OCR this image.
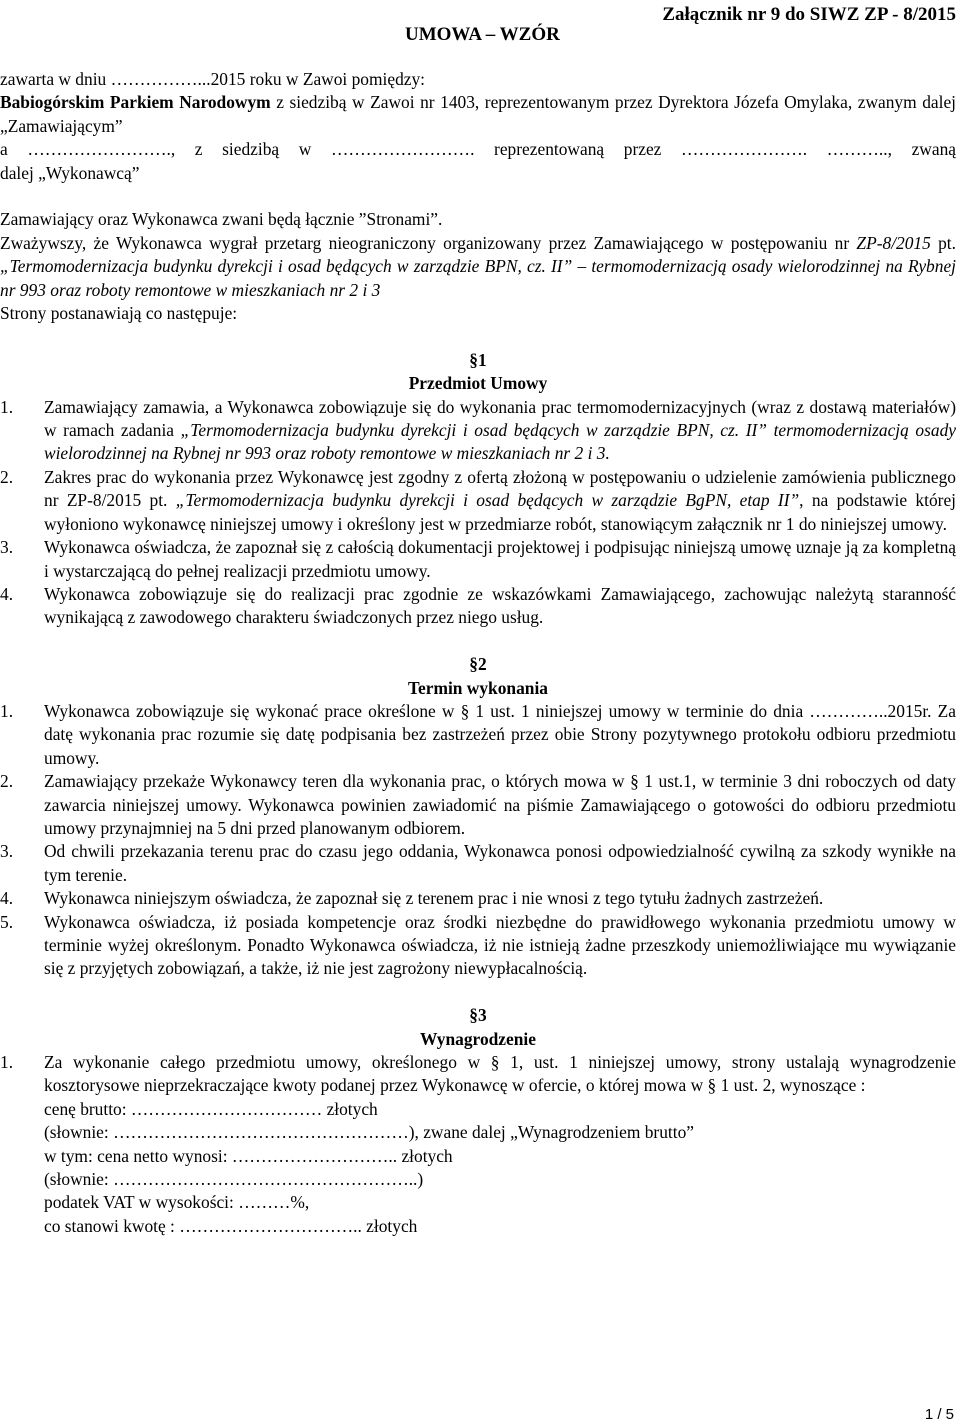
UMOWA – WZÓR
Załącznik nr 9 do SIWZ ZP - 8/2015

zawarta w dniu ……………...2015 roku w Zawoi pomiędzy:

Babiogórskim Parkiem Narodowym z siedzibą w Zawoi nr 1403, reprezentowanym przez Dyrektora Józefa Omylaka, zwanym dalej „Zamawiającym”

a ……………………., z siedzibą w ……………………. reprezentowaną przez …………………. ……….., zwaną

dalej „Wykonawcą”

Zamawiający oraz Wykonawca zwani będą łącznie ”Stronami”.

Zważywszy, że Wykonawca wygrał przetarg nieograniczony organizowany przez Zamawiającego w postępowaniu nr ZP-8/2015 pt. „Termomodernizacja budynku dyrekcji i osad będących w zarządzie BPN, cz. II” – termomodernizacją osady wielorodzinnej na Rybnej nr 993 oraz roboty remontowe w mieszkaniach nr 2 i 3

Strony postanawiają co następuje:

§1

Przedmiot Umowy

1. Zamawiający zamawia, a Wykonawca zobowiązuje się do wykonania prac termomodernizacyjnych (wraz z dostawą materiałów) w ramach zadania „Termomodernizacja budynku dyrekcji i osad będących w zarządzie BPN, cz. II” termomodernizacją osady wielorodzinnej na Rybnej nr 993 oraz roboty remontowe w mieszkaniach nr 2 i 3.
2. Zakres prac do wykonania przez Wykonawcę jest zgodny z ofertą złożoną w postępowaniu o udzielenie zamówienia publicznego nr ZP-8/2015 pt. „Termomodernizacja budynku dyrekcji i osad będących w zarządzie BgPN, etap II”, na podstawie której wyłoniono wykonawcę niniejszej umowy i określony jest w przedmiarze robót, stanowiącym załącznik nr 1 do niniejszej umowy.
3. Wykonawca oświadcza, że zapoznał się z całością dokumentacji projektowej i podpisując niniejszą umowę uznaje ją za kompletną i wystarczającą do pełnej realizacji przedmiotu umowy.
4. Wykonawca zobowiązuje się do realizacji prac zgodnie ze wskazówkami Zamawiającego, zachowując należytą staranność wynikającą z zawodowego charakteru świadczonych przez niego usług.

§2

Termin wykonania

1. Wykonawca zobowiązuje się wykonać prace określone w § 1 ust. 1 niniejszej umowy w terminie do dnia …………..2015r. Za datę wykonania prac rozumie się datę podpisania bez zastrzeżeń przez obie Strony pozytywnego protokołu odbioru przedmiotu umowy.
2. Zamawiający przekaże Wykonawcy teren dla wykonania prac, o których mowa w § 1 ust.1, w terminie 3 dni roboczych od daty zawarcia niniejszej umowy. Wykonawca powinien zawiadomić na piśmie Zamawiającego o gotowości do odbioru przedmiotu umowy przynajmniej na 5 dni przed planowanym odbiorem.
3. Od chwili przekazania terenu prac do czasu jego oddania, Wykonawca ponosi odpowiedzialność cywilną za szkody wynikłe na tym terenie.
4. Wykonawca niniejszym oświadcza, że zapoznał się z terenem prac i nie wnosi z tego tytułu żadnych zastrzeżeń.
5. Wykonawca oświadcza, iż posiada kompetencje oraz środki niezbędne do prawidłowego wykonania przedmiotu umowy w terminie wyżej określonym. Ponadto Wykonawca oświadcza, iż nie istnieją żadne przeszkody uniemożliwiające mu wywiązanie się z przyjętych zobowiązań, a także, iż nie jest zagrożony niewypłacalnością.

§3

Wynagrodzenie

1. Za wykonanie całego przedmiotu umowy, określonego w § 1, ust. 1 niniejszej umowy, strony ustalają wynagrodzenie kosztorysowe nieprzekraczające kwoty podanej przez Wykonawcę w ofercie, o której mowa w § 1 ust. 2, wynoszące :

cenę brutto: …………………………… złotych

(słownie: ……………………………………………), zwane dalej „Wynagrodzeniem brutto”

w tym: cena netto wynosi: ……………………….. złotych

(słownie: ……………………………………………..)

podatek VAT w wysokości: ………%,

co stanowi kwotę : ………………………….. złotych

1 / 5
